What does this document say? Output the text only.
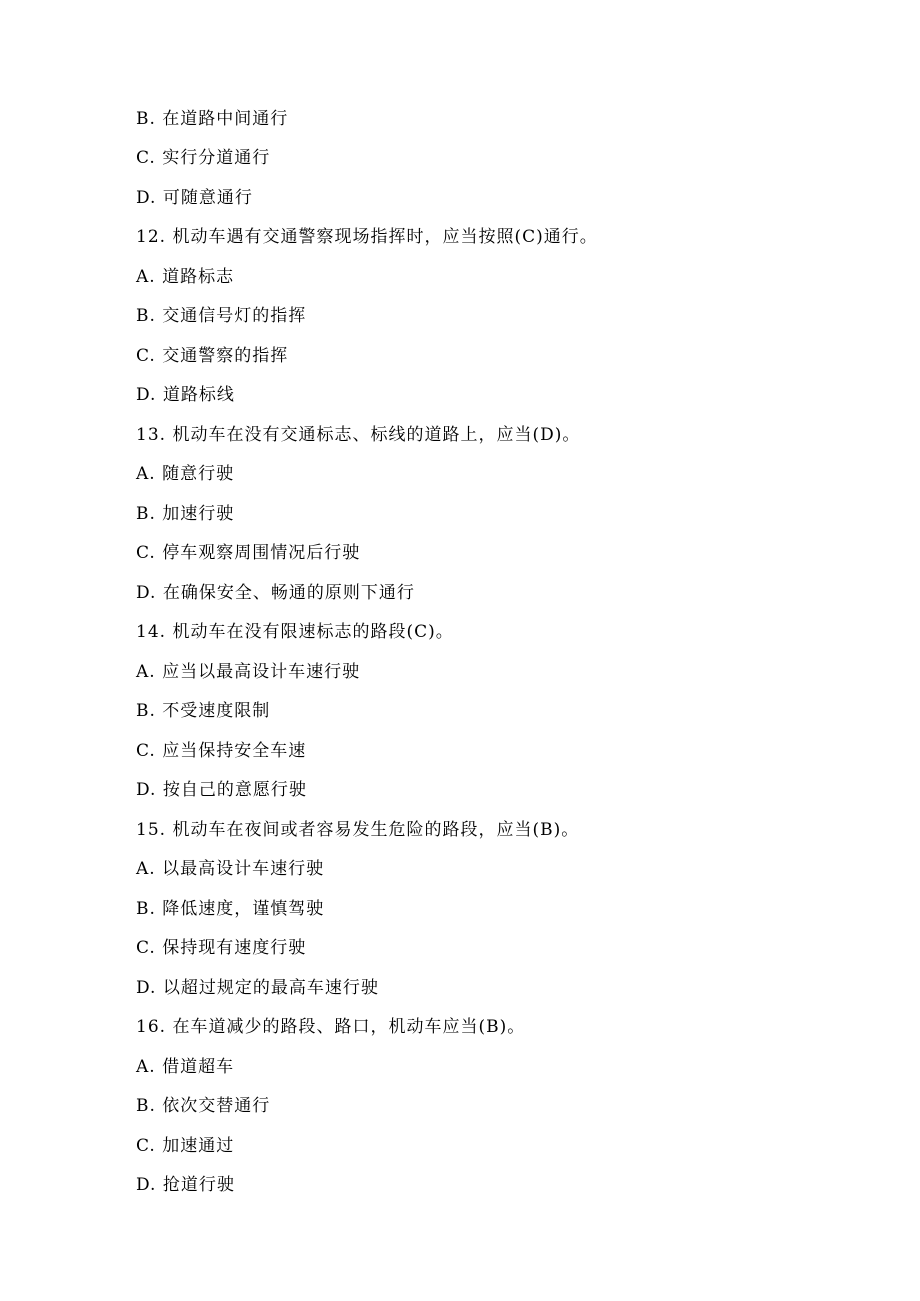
B. 在道路中间通行
C. 实行分道通行
D. 可随意通行
12. 机动车遇有交通警察现场指挥时，应当按照(C)通行。
A. 道路标志
B. 交通信号灯的指挥
C. 交通警察的指挥
D. 道路标线
13. 机动车在没有交通标志、标线的道路上，应当(D)。
A. 随意行驶
B. 加速行驶
C. 停车观察周围情况后行驶
D. 在确保安全、畅通的原则下通行
14. 机动车在没有限速标志的路段(C)。
A. 应当以最高设计车速行驶
B. 不受速度限制
C. 应当保持安全车速
D. 按自己的意愿行驶
15. 机动车在夜间或者容易发生危险的路段，应当(B)。
A. 以最高设计车速行驶
B. 降低速度，谨慎驾驶
C. 保持现有速度行驶
D. 以超过规定的最高车速行驶
16. 在车道减少的路段、路口，机动车应当(B)。
A. 借道超车
B. 依次交替通行
C. 加速通过
D. 抢道行驶
